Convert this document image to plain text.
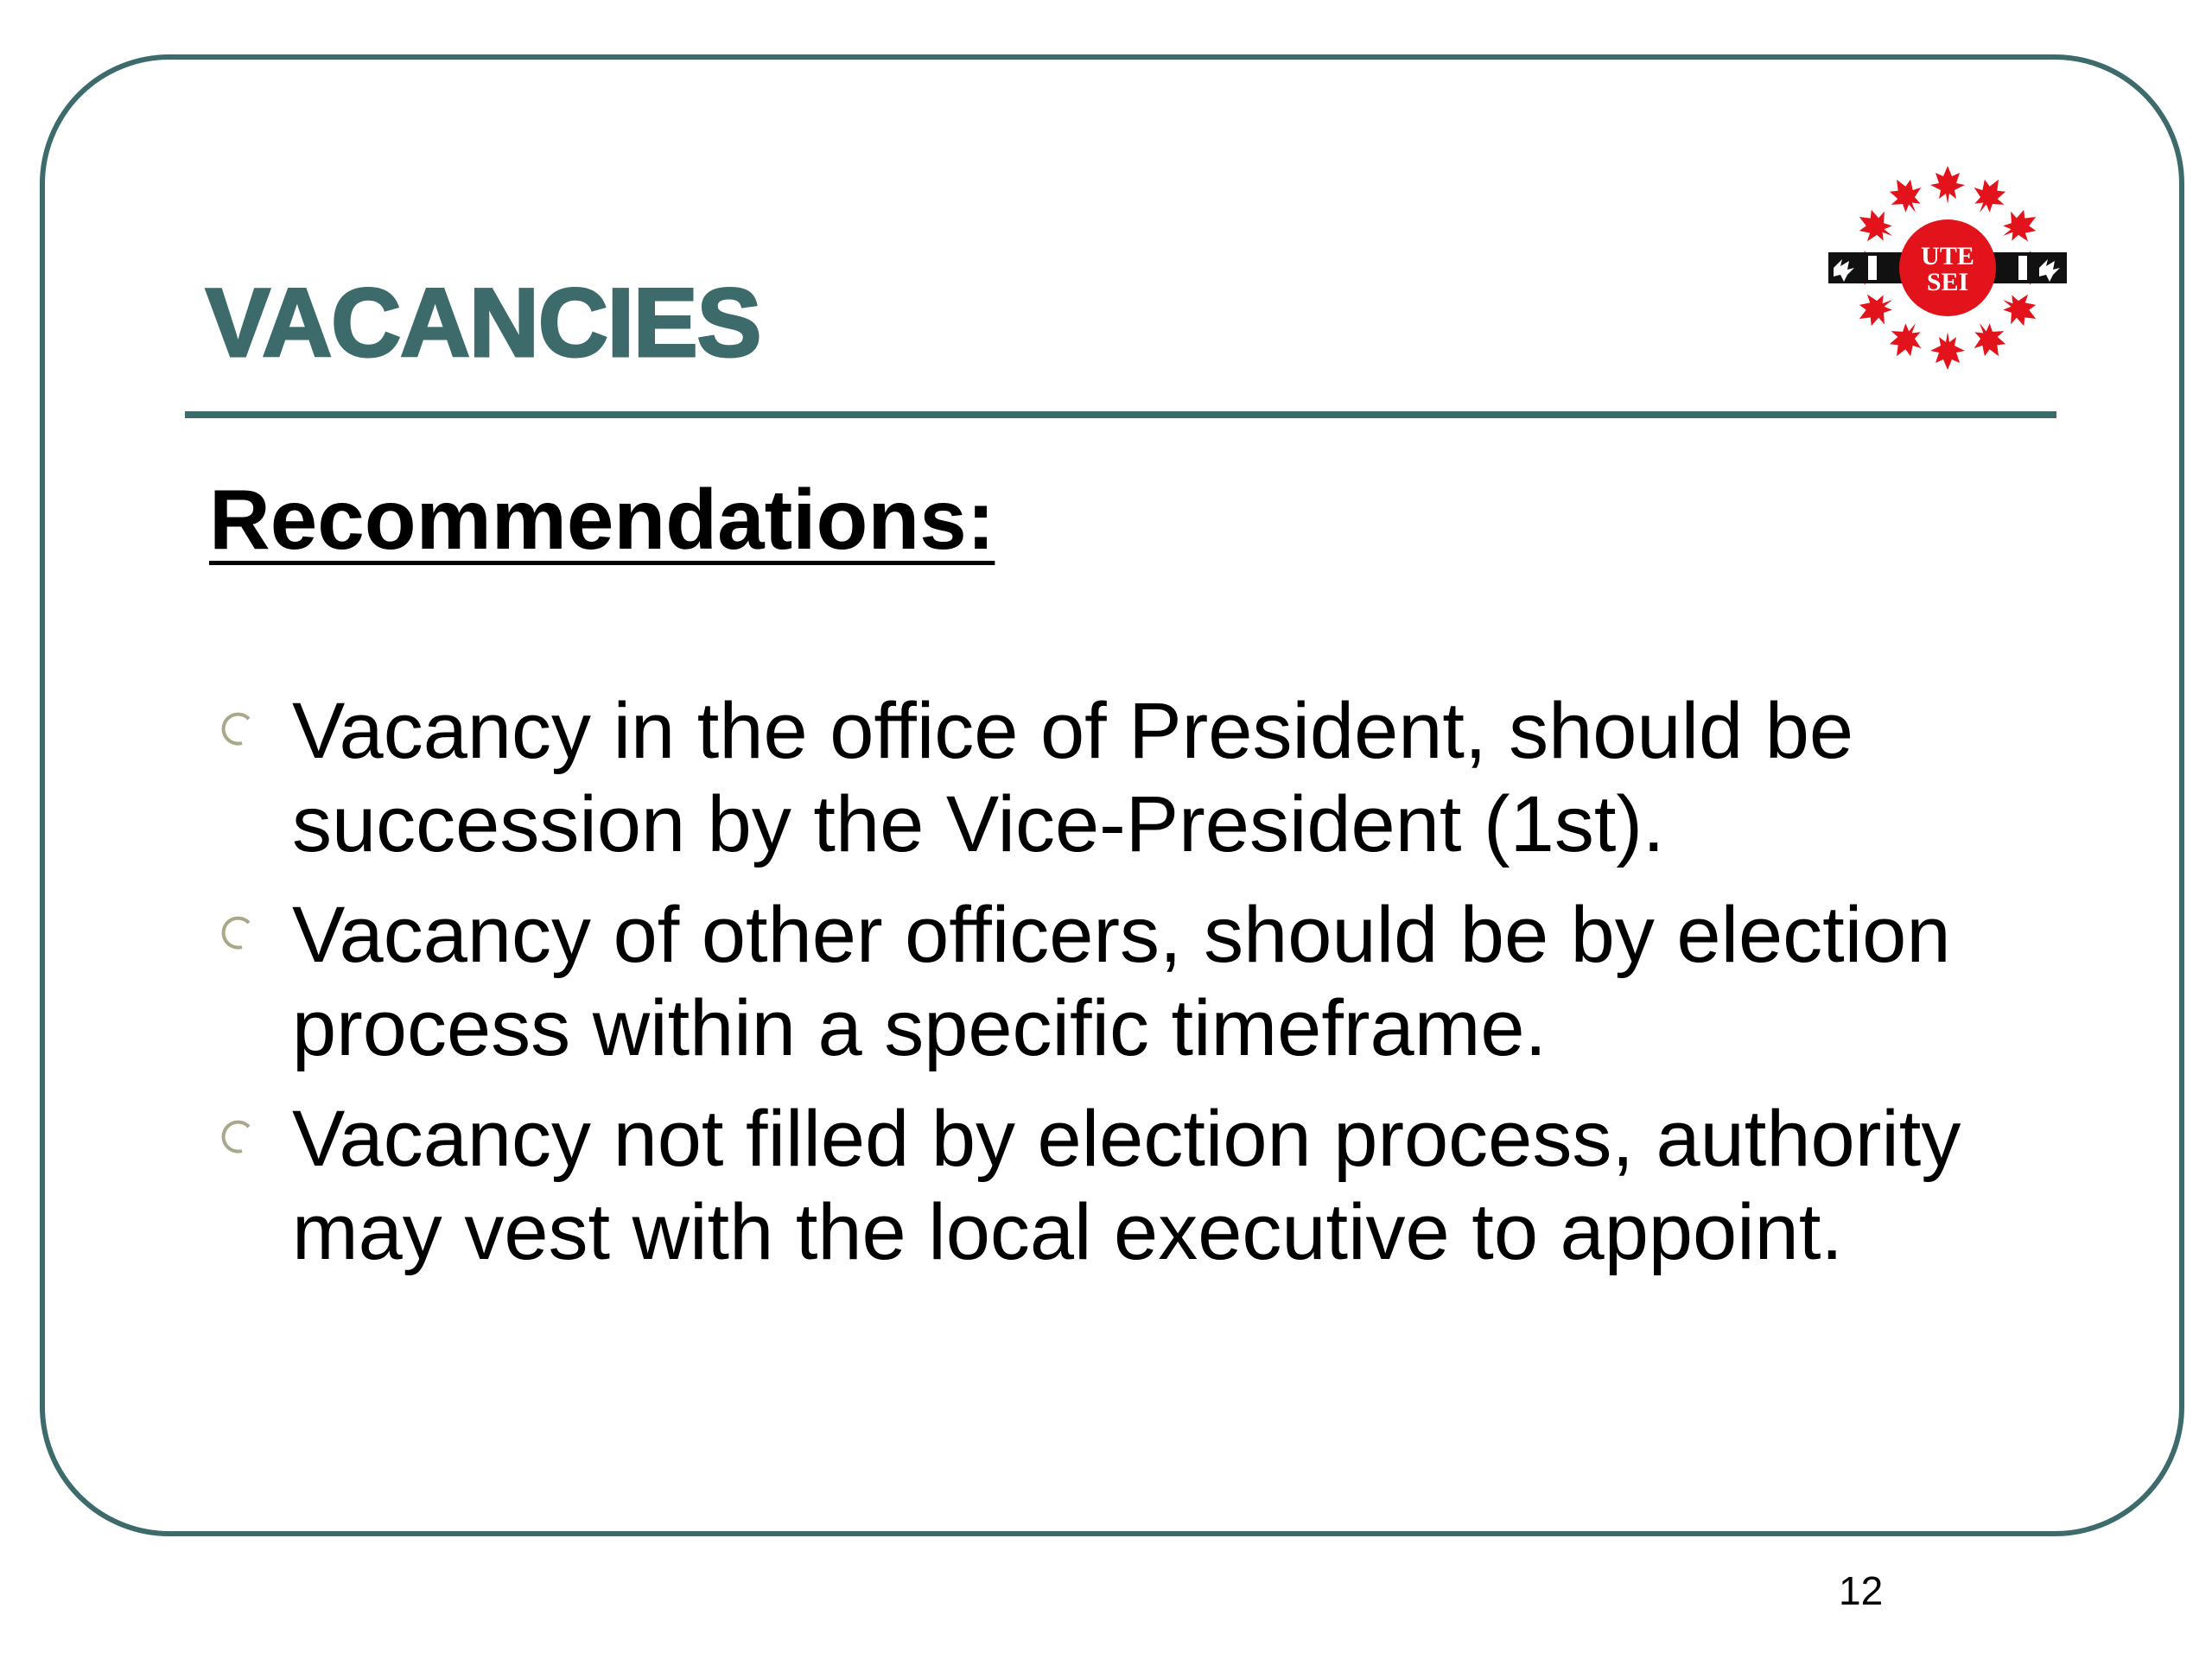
VACANCIES
UTE
SEI
Recommendations:
Vacancy in the office of President, should be succession by the Vice-President (1st).
Vacancy of other officers, should be by election process within a specific timeframe.
Vacancy not filled by election process, authority may vest with the local executive to appoint.
12
